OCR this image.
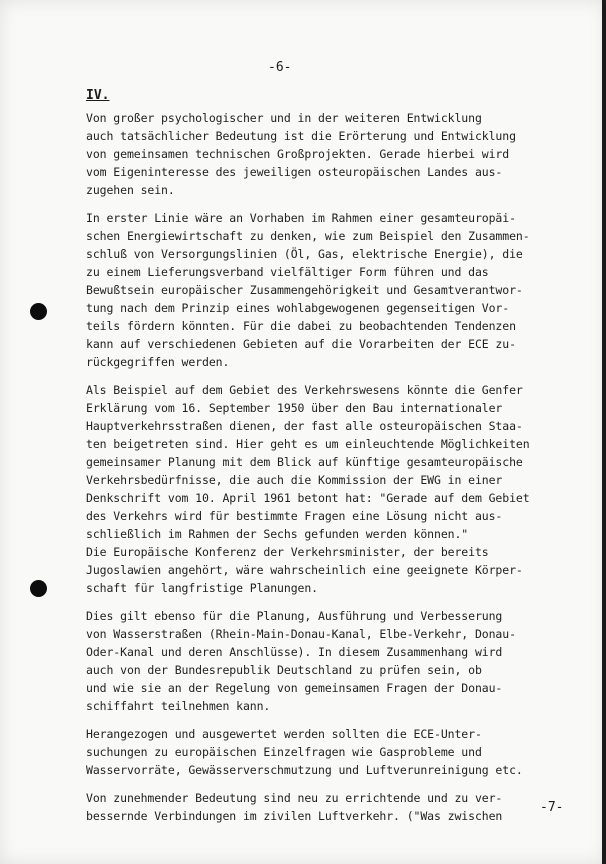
-6-
IV.
Von großer psychologischer und in der weiteren Entwicklung
auch tatsächlicher Bedeutung ist die Erörterung und Entwicklung
von gemeinsamen technischen Großprojekten. Gerade hierbei wird
vom Eigeninteresse des jeweiligen osteuropäischen Landes aus-
zugehen sein.
In erster Linie wäre an Vorhaben im Rahmen einer gesamteuropäi-
schen Energiewirtschaft zu denken, wie zum Beispiel den Zusammen-
schluß von Versorgungslinien (Öl, Gas, elektrische Energie), die
zu einem Lieferungsverband vielfältiger Form führen und das
Bewußtsein europäischer Zusammengehörigkeit und Gesamtverantwor-
tung nach dem Prinzip eines wohlabgewogenen gegenseitigen Vor-
teils fördern könnten. Für die dabei zu beobachtenden Tendenzen
kann auf verschiedenen Gebieten auf die Vorarbeiten der ECE zu-
rückgegriffen werden.
Als Beispiel auf dem Gebiet des Verkehrswesens könnte die Genfer
Erklärung vom 16. September 1950 über den Bau internationaler
Hauptverkehrsstraßen dienen, der fast alle osteuropäischen Staa-
ten beigetreten sind. Hier geht es um einleuchtende Möglichkeiten
gemeinsamer Planung mit dem Blick auf künftige gesamteuropäische
Verkehrsbedürfnisse, die auch die Kommission der EWG in einer
Denkschrift vom 10. April 1961 betont hat: "Gerade auf dem Gebiet
des Verkehrs wird für bestimmte Fragen eine Lösung nicht aus-
schließlich im Rahmen der Sechs gefunden werden können."
Die Europäische Konferenz der Verkehrsminister, der bereits
Jugoslawien angehört, wäre wahrscheinlich eine geeignete Körper-
schaft für langfristige Planungen.
Dies gilt ebenso für die Planung, Ausführung und Verbesserung
von Wasserstraßen (Rhein-Main-Donau-Kanal, Elbe-Verkehr, Donau-
Oder-Kanal und deren Anschlüsse). In diesem Zusammenhang wird
auch von der Bundesrepublik Deutschland zu prüfen sein, ob
und wie sie an der Regelung von gemeinsamen Fragen der Donau-
schiffahrt teilnehmen kann.
Herangezogen und ausgewertet werden sollten die ECE-Unter-
suchungen zu europäischen Einzelfragen wie Gasprobleme und
Wasservorräte, Gewässerverschmutzung und Luftverunreinigung etc.
Von zunehmender Bedeutung sind neu zu errichtende und zu ver-
bessernde Verbindungen im zivilen Luftverkehr. ("Was zwischen
-7-
